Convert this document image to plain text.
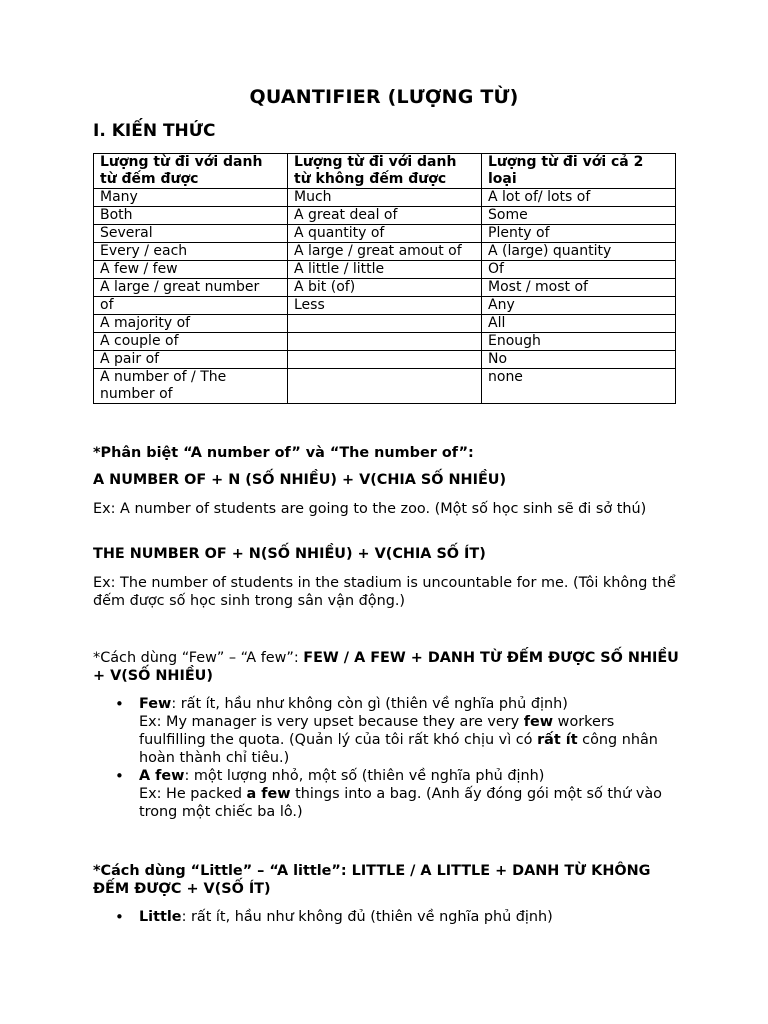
QUANTIFIER (LƯỢNG TỪ)
I. KIẾN THỨC
Lượng từ đi với danh từ đếm được	Lượng từ đi với danh từ không đếm được	Lượng từ đi với cả 2 loại
Many	Much	A lot of/ lots of
Both	A great deal of	Some
Several	A quantity of	Plenty of
Every / each	A large / great amout of	A (large) quantity
A few / few	A little / little	Of
A large / great number	A bit (of)	Most / most of
of	Less	Any
A majority of		All
A couple of		Enough
A pair of		No
A number of / The number of		none
*Phân biệt “A number of” và “The number of”:
A NUMBER OF + N (SỐ NHIỀU) + V(CHIA SỐ NHIỀU)
Ex: A number of students are going to the zoo. (Một số học sinh sẽ đi sở thú)
THE NUMBER OF + N(SỐ NHIỀU) + V(CHIA SỐ ÍT)
Ex: The number of students in the stadium is uncountable for me. (Tôi không thể đếm được số học sinh trong sân vận động.)
*Cách dùng “Few” – “A few”: FEW / A FEW + DANH TỪ ĐẾM ĐƯỢC SỐ NHIỀU + V(SỐ NHIỀU)
• Few: rất ít, hầu như không còn gì (thiên về nghĩa phủ định)
Ex: My manager is very upset because they are very few workers fuulfilling the quota. (Quản lý của tôi rất khó chịu vì có rất ít công nhân hoàn thành chỉ tiêu.)
• A few: một lượng nhỏ, một số (thiên về nghĩa phủ định)
Ex: He packed a few things into a bag. (Anh ấy đóng gói một số thứ vào trong một chiếc ba lô.)
*Cách dùng “Little” – “A little”: LITTLE / A LITTLE + DANH TỪ KHÔNG ĐẾM ĐƯỢC + V(SỐ ÍT)
• Little: rất ít, hầu như không đủ (thiên về nghĩa phủ định)
